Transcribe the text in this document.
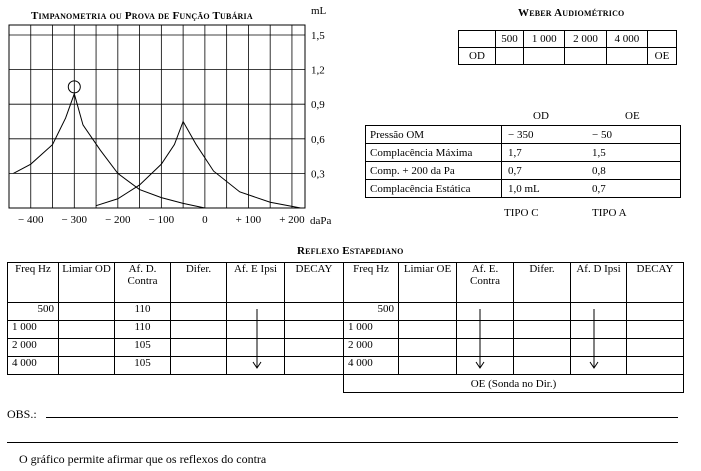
Timpanometria ou Prova de Função Tubária	mL
1,5
1,2
0,9
0,6
0,3
− 400 − 300 − 200 − 100	0	+ 100 + 200 daPa
Weber Audiométrico
	500	1 000	2 000	4 000	
OD					OE
OD	OE
Pressão OM	− 350 − 50
Complacência Máxima	1,7 1,5
Comp. + 200 da Pa	0,7 0,8
Complacência Estática	1,0 mL 0,7
TIPO C	TIPO A
Reflexo Estapediano
Freq Hz	Limiar OD	Af. D. Contra	Difer.	Af. E Ipsi	DECAY	Freq Hz	Limiar OE	Af. E. Contra	Difer.	Af. D Ipsi	DECAY
500		110				500					
1 000		110				1 000					
2 000		105				2 000					
4 000		105				4 000					
						OE (Sonda no Dir.)					
OBS.:
O gráfico permite afirmar que os reflexos do contra
